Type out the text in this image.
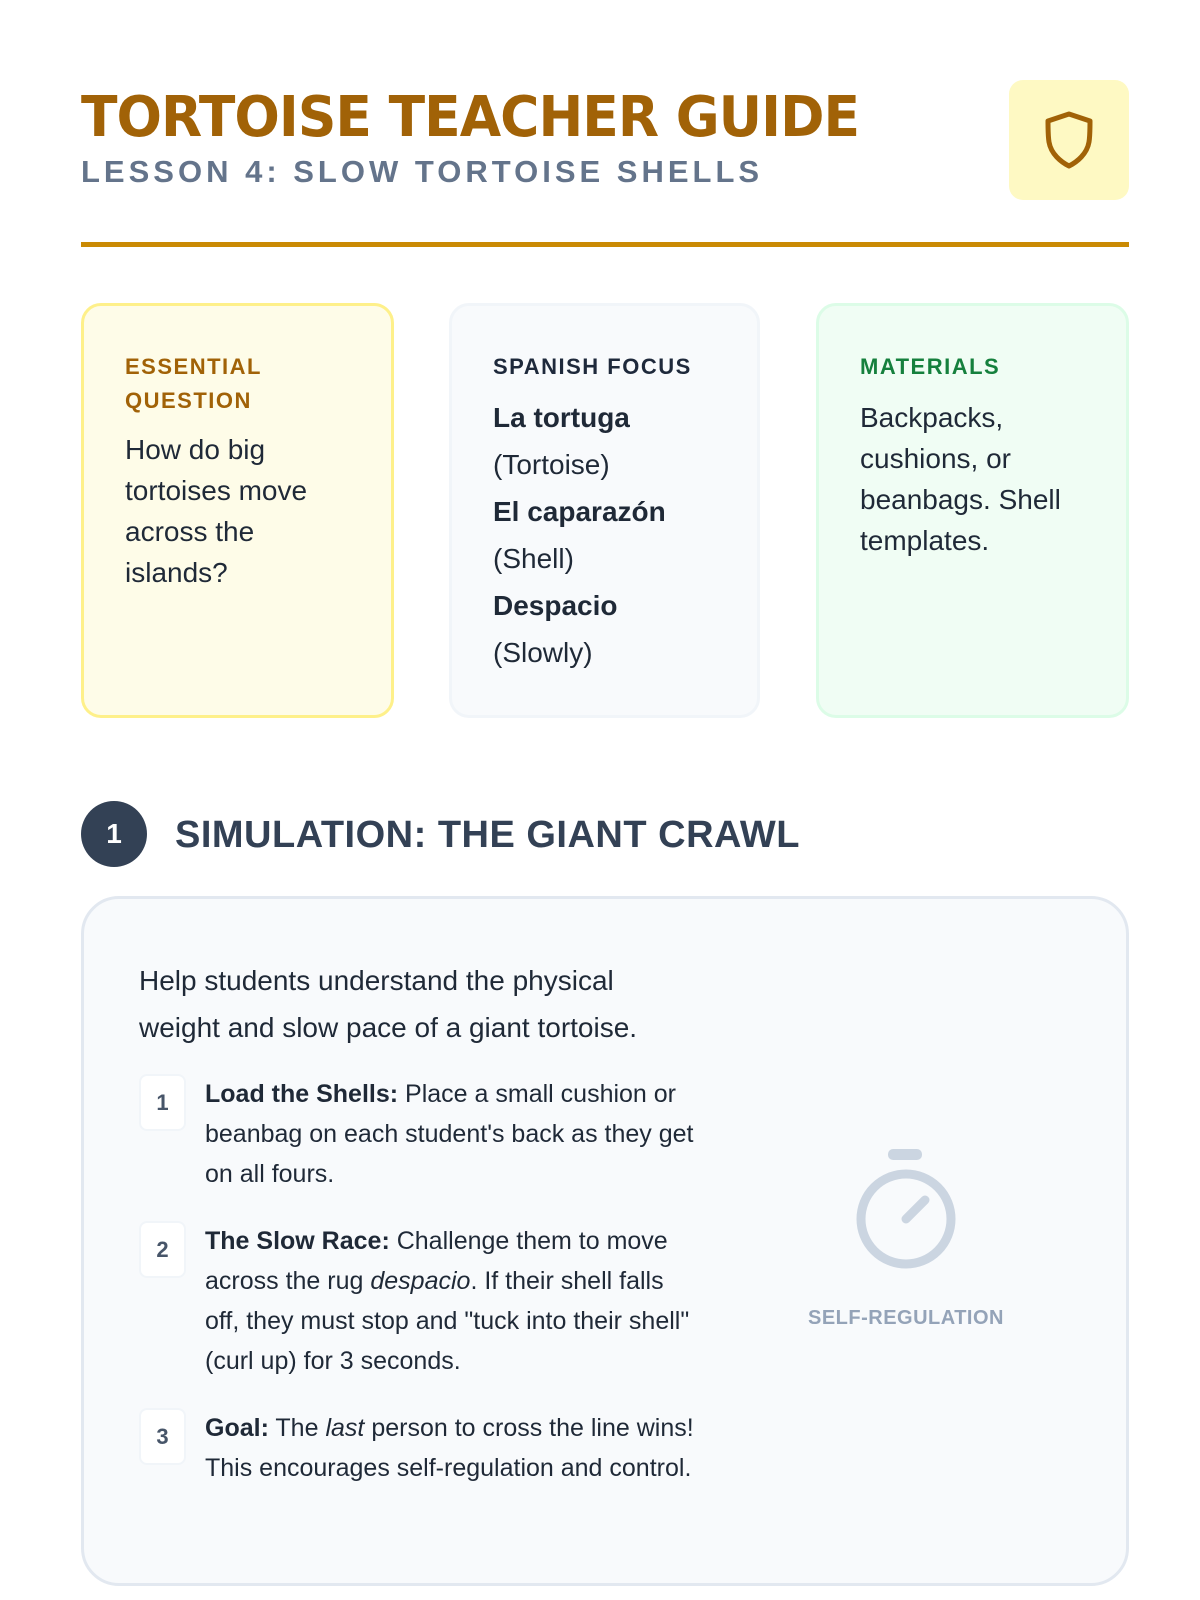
TORTOISE TEACHER GUIDE
LESSON 4: SLOW TORTOISE SHELLS
ESSENTIAL QUESTION
How do big tortoises move across the islands?
SPANISH FOCUS
La tortuga
(Tortoise)
El caparazón
(Shell)
Despacio
(Slowly)
MATERIALS
Backpacks, cushions, or beanbags. Shell templates.
1	SIMULATION: THE GIANT CRAWL

Help students understand the physical weight and slow pace of a giant tortoise.

1	Load the Shells: Place a small cushion or beanbag on each student's back as they get on all fours.
2	The Slow Race: Challenge them to move across the rug despacio. If their shell falls off, they must stop and "tuck into their shell" (curl up) for 3 seconds.
3	Goal: The last person to cross the line wins! This encourages self-regulation and control.
SELF-REGULATION
